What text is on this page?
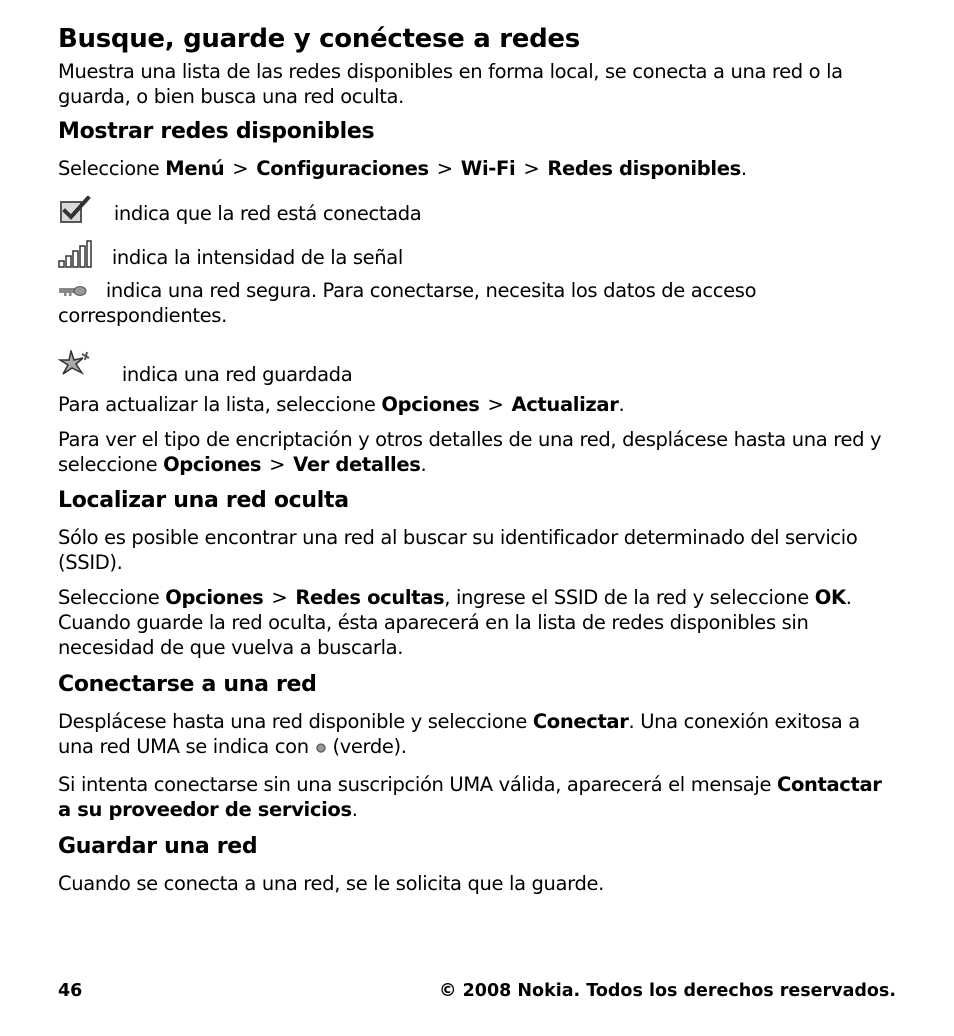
Busque, guarde y conéctese a redes

Muestra una lista de las redes disponibles en forma local, se conecta a una red o la guarda, o bien busca una red oculta.

Mostrar redes disponibles

Seleccione Menú > Configuraciones > Wi-Fi > Redes disponibles.

indica que la red está conectada

indica la intensidad de la señal

indica una red segura. Para conectarse, necesita los datos de acceso correspondientes.

indica una red guardada

Para actualizar la lista, seleccione Opciones > Actualizar.

Para ver el tipo de encriptación y otros detalles de una red, desplácese hasta una red y seleccione Opciones > Ver detalles.

Localizar una red oculta

Sólo es posible encontrar una red al buscar su identificador determinado del servicio (SSID).

Seleccione Opciones > Redes ocultas, ingrese el SSID de la red y seleccione OK. Cuando guarde la red oculta, ésta aparecerá en la lista de redes disponibles sin necesidad de que vuelva a buscarla.

Conectarse a una red

Desplácese hasta una red disponible y seleccione Conectar. Una conexión exitosa a una red UMA se indica con (verde).

Si intenta conectarse sin una suscripción UMA válida, aparecerá el mensaje Contactar a su proveedor de servicios.

Guardar una red

Cuando se conecta a una red, se le solicita que la guarde.

46	© 2008 Nokia. Todos los derechos reservados.
